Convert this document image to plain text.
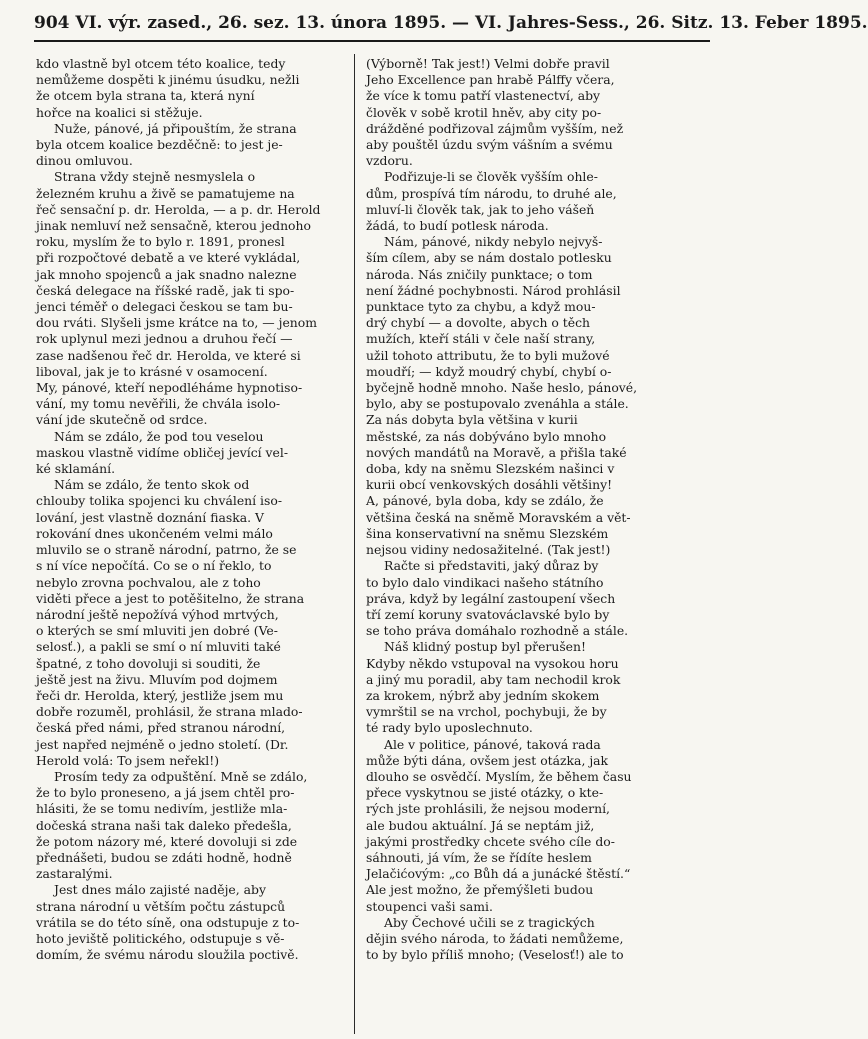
904 VI. výr. zased., 26. sez. 13. února 1895. — VI. Jahres-Sess., 26. Sitz. 13. Feber 1895.

kdo vlastně byl otcem této koalice, tedy
nemůžeme dospěti k jinému úsudku, nežli
že otcem byla strana ta, která nyní
hořce na koalici si stěžuje.

Nuže, pánové, já připouštím, že strana
byla otcem koalice bezděčně: to jest je-
dinou omluvou.

Strana vždy stejně nesmyslela o
železném kruhu a živě se pamatujeme na
řeč sensační p. dr. Herolda, — a p. dr. Herold
jinak nemluví než sensačně, kterou jednoho
roku, myslím že to bylo r. 1891, pronesl
při rozpočtové debatě a ve které vykládal,
jak mnoho spojenců a jak snadno nalezne
česká delegace na říšské radě, jak ti spo-
jenci téměř o delegaci českou se tam bu-
dou rváti. Slyšeli jsme krátce na to, — jenom
rok uplynul mezi jednou a druhou řečí —
zase nadšenou řeč dr. Herolda, ve které si
liboval, jak je to krásné v osamocení.
My, pánové, kteří nepodléháme hypnotiso-
vání, my tomu nevěřili, že chvála isolo-
vání jde skutečně od srdce.

Nám se zdálo, že pod tou veselou
maskou vlastně vidíme obličej jevící vel-
ké sklamání.

Nám se zdálo, že tento skok od
chlouby tolika spojenci ku chválení iso-
lování, jest vlastně doznání fiaska. V
rokování dnes ukončeném velmi málo
mluvilo se o straně národní, patrno, že se
s ní více nepočítá. Co se o ní řeklo, to
nebylo zrovna pochvalou, ale z toho
viděti přece a jest to potěšitelno, že strana
národní ještě nepožívá výhod mrtvých,
o kterých se smí mluviti jen dobré (Ve-
selosť.), a pakli se smí o ní mluviti také
špatné, z toho dovoluji si souditi, že
ještě jest na živu. Mluvím pod dojmem
řeči dr. Herolda, který, jestliže jsem mu
dobře rozuměl, prohlásil, že strana mlado-
česká před námi, před stranou národní,
jest napřed nejméně o jedno století. (Dr.
Herold volá: To jsem neřekl!)

Prosím tedy za odpuštění. Mně se zdálo,
že to bylo proneseno, a já jsem chtěl pro-
hlásiti, že se tomu nedivím, jestliže mla-
dočeská strana naši tak daleko předešla,
že potom názory mé, které dovoluji si zde
přednášeti, budou se zdáti hodně, hodně
zastaralými.

Jest dnes málo zajisté naděje, aby
strana národní u větším počtu zástupců
vrátila se do této síně, ona odstupuje z to-
hoto jeviště politického, odstupuje s vě-
domím, že svému národu sloužila poctivě.

(Výborně! Tak jest!) Velmi dobře pravil
Jeho Excellence pan hrabě Pálffy včera,
že více k tomu patří vlastenectví, aby
člověk v sobě krotil hněv, aby city po-
drážděné podřizoval zájmům vyšším, než
aby pouštěl úzdu svým vášním a svému
vzdoru.

Podřizuje-li se člověk vyšším ohle-
dům, prospívá tím národu, to druhé ale,
mluví-li člověk tak, jak to jeho vášeň
žádá, to budí potlesk národa.

Nám, pánové, nikdy nebylo nejvyš-
ším cílem, aby se nám dostalo potlesku
národa. Nás zničily punktace; o tom
není žádné pochybnosti. Národ prohlásil
punktace tyto za chybu, a když mou-
drý chybí — a dovolte, abych o těch
mužích, kteří stáli v čele naší strany,
užil tohoto attributu, že to byli mužové
moudří; — když moudrý chybí, chybí o-
byčejně hodně mnoho. Naše heslo, pánové,
bylo, aby se postupovalo zvenáhla a stále.
Za nás dobyta byla většina v kurii
městské, za nás dobýváno bylo mnoho
nových mandátů na Moravě, a přišla také
doba, kdy na sněmu Slezském našinci v
kurii obcí venkovských dosáhli většiny!
A, pánové, byla doba, kdy se zdálo, že
většina česká na sněmě Moravském a vět-
šina konservativní na sněmu Slezském
nejsou vidiny nedosažitelné. (Tak jest!)

Račte si představiti, jaký důraz by
to bylo dalo vindikaci našeho státního
práva, když by legální zastoupení všech
tří zemí koruny svatováclavské bylo by
se toho práva domáhalo rozhodně a stále.

Náš klidný postup byl přerušen!
Kdyby někdo vstupoval na vysokou horu
a jiný mu poradil, aby tam nechodil krok
za krokem, nýbrž aby jedním skokem
vymrštil se na vrchol, pochybuji, že by
té rady bylo uposlechnuto.

Ale v politice, pánové, taková rada
může býti dána, ovšem jest otázka, jak
dlouho se osvědčí. Myslím, že během času
přece vyskytnou se jisté otázky, o kte-
rých jste prohlásili, že nejsou moderní,
ale budou aktuální. Já se neptám již,
jakými prostředky chcete svého cíle do-
sáhnouti, já vím, že se řídíte heslem
Jelačićovým: „co Bůh dá a junácké štěstí.“
Ale jest možno, že přemýšleti budou
stoupenci vaši sami.

Aby Čechové učili se z tragických
dějin svého národa, to žádati nemůžeme,
to by bylo příliš mnoho; (Veselosť!) ale to
